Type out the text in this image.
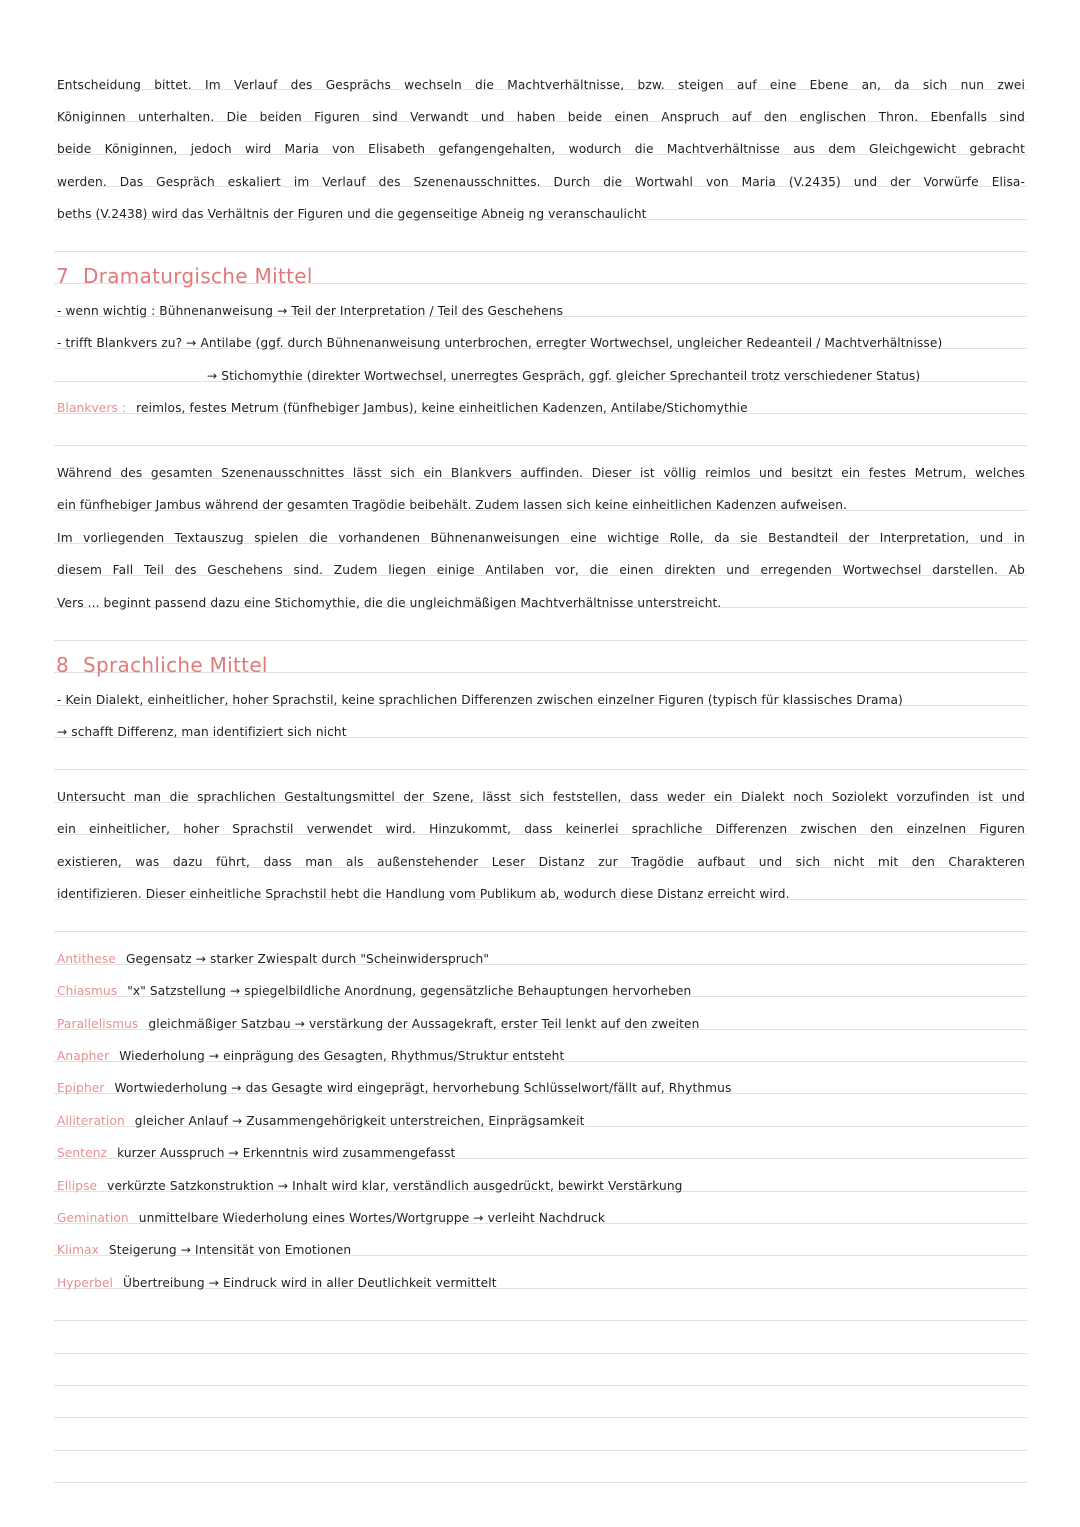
Entscheidung bittet. Im Verlauf des Gesprächs wechseln die Machtverhältnisse, bzw. steigen auf eine Ebene an, da sich nun zwei
Königinnen unterhalten. Die beiden Figuren sind Verwandt und haben beide einen Anspruch auf den englischen Thron. Ebenfalls sind
beide Königinnen, jedoch wird Maria von Elisabeth gefangengehalten, wodurch die Machtverhältnisse aus dem Gleichgewicht gebracht
werden. Das Gespräch eskaliert im Verlauf des Szenenausschnittes. Durch die Wortwahl von Maria (V.2435) und der Vorwürfe Elisa-
beths (V.2438) wird das Verhältnis der Figuren und die gegenseitige Abneig ng veranschaulicht
7 Dramaturgische Mittel
- wenn wichtig : Bühnenanweisung → Teil der Interpretation / Teil des Geschehens
- trifft Blankvers zu? → Antilabe (ggf. durch Bühnenanweisung unterbrochen, erregter Wortwechsel, ungleicher Redeanteil / Machtverhältnisse)
→ Stichomythie (direkter Wortwechsel, unerregtes Gespräch, ggf. gleicher Sprechanteil trotz verschiedener Status)
Blankvers : reimlos, festes Metrum (fünfhebiger Jambus), keine einheitlichen Kadenzen, Antilabe/Stichomythie
Während des gesamten Szenenausschnittes lässt sich ein Blankvers auffinden. Dieser ist völlig reimlos und besitzt ein festes Metrum, welches
ein fünfhebiger Jambus während der gesamten Tragödie beibehält. Zudem lassen sich keine einheitlichen Kadenzen aufweisen.
Im vorliegenden Textauszug spielen die vorhandenen Bühnenanweisungen eine wichtige Rolle, da sie Bestandteil der Interpretation, und in
diesem Fall Teil des Geschehens sind. Zudem liegen einige Antilaben vor, die einen direkten und erregenden Wortwechsel darstellen. Ab
Vers ... beginnt passend dazu eine Stichomythie, die die ungleichmäßigen Machtverhältnisse unterstreicht.
8 Sprachliche Mittel
- Kein Dialekt, einheitlicher, hoher Sprachstil, keine sprachlichen Differenzen zwischen einzelner Figuren (typisch für klassisches Drama)
→ schafft Differenz, man identifiziert sich nicht
Untersucht man die sprachlichen Gestaltungsmittel der Szene, lässt sich feststellen, dass weder ein Dialekt noch Soziolekt vorzufinden ist und
ein einheitlicher, hoher Sprachstil verwendet wird. Hinzukommt, dass keinerlei sprachliche Differenzen zwischen den einzelnen Figuren
existieren, was dazu führt, dass man als außenstehender Leser Distanz zur Tragödie aufbaut und sich nicht mit den Charakteren
identifizieren. Dieser einheitliche Sprachstil hebt die Handlung vom Publikum ab, wodurch diese Distanz erreicht wird.
Antithese Gegensatz → starker Zwiespalt durch "Scheinwiderspruch"
Chiasmus "x" Satzstellung → spiegelbildliche Anordnung, gegensätzliche Behauptungen hervorheben
Parallelismus gleichmäßiger Satzbau → verstärkung der Aussagekraft, erster Teil lenkt auf den zweiten
Anapher Wiederholung → einprägung des Gesagten, Rhythmus/Struktur entsteht
Epipher Wortwiederholung → das Gesagte wird eingeprägt, hervorhebung Schlüsselwort/fällt auf, Rhythmus
Alliteration gleicher Anlauf → Zusammengehörigkeit unterstreichen, Einprägsamkeit
Sentenz kurzer Ausspruch → Erkenntnis wird zusammengefasst
Ellipse verkürzte Satzkonstruktion → Inhalt wird klar, verständlich ausgedrückt, bewirkt Verstärkung
Gemination unmittelbare Wiederholung eines Wortes/Wortgruppe → verleiht Nachdruck
Klimax Steigerung → Intensität von Emotionen
Hyperbel Übertreibung → Eindruck wird in aller Deutlichkeit vermittelt
